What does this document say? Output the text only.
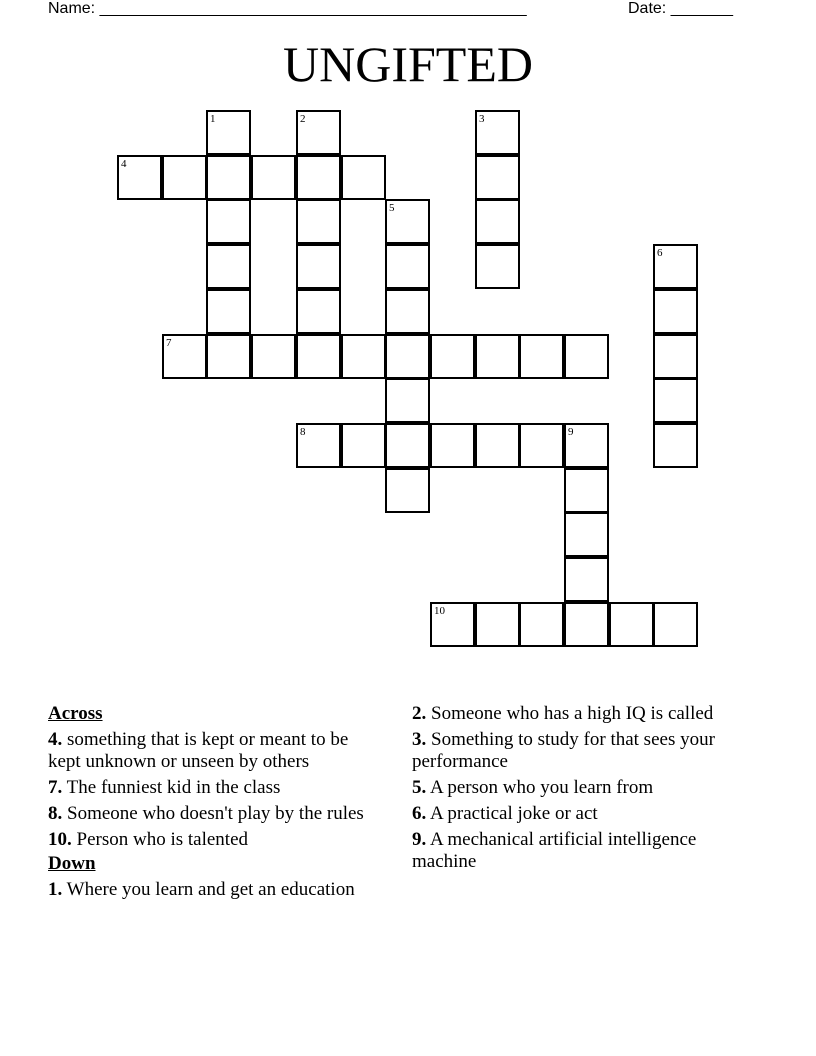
Name: ________________________________________________	Date: _______
UNGIFTED
1	2	3
4
5
6
7
8	9
10
Across
4. something that is kept or meant to be kept unknown or unseen by others
7. The funniest kid in the class
8. Someone who doesn't play by the rules
10. Person who is talented
Down
1. Where you learn and get an education
2. Someone who has a high IQ is called
3. Something to study for that sees your performance
5. A person who you learn from
6. A practical joke or act
9. A mechanical artificial intelligence machine
